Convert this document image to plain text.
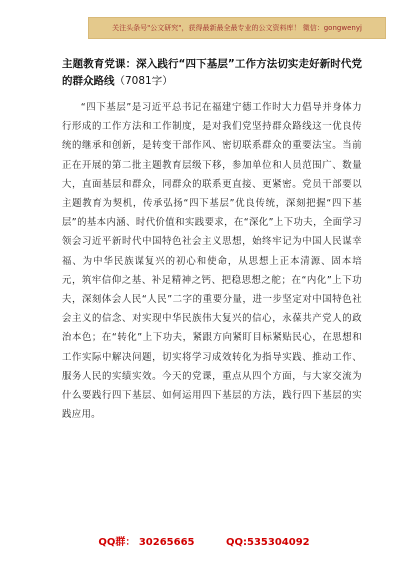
关注头条号"公文研究"，获得最新最全最专业的公文资料库！ 微信：gongwenyj

主题教育党课：深入践行“四下基层”工作方法切实走好新时代党的群众路线（7081字）

“四下基层”是习近平总书记在福建宁德工作时大力倡导并身体力行形成的工作方法和工作制度，是对我们党坚持群众路线这一优良传统的继承和创新，是转变干部作风、密切联系群众的重要法宝。当前正在开展的第二批主题教育层级下移，参加单位和人员范围广、数量大，直面基层和群众，同群众的联系更直接、更紧密。党员干部要以主题教育为契机，传承弘扬“四下基层”优良传统，深刻把握“四下基层”的基本内涵、时代价值和实践要求，在“深化”上下功夫，全面学习领会习近平新时代中国特色社会主义思想，始终牢记为中国人民谋幸福、为中华民族谋复兴的初心和使命，从思想上正本清源、固本培元，筑牢信仰之基、补足精神之钙、把稳思想之舵；在“内化”上下功夫，深刻体会人民“人民”二字的重要分量，进一步坚定对中国特色社会主义的信念、对实现中华民族伟大复兴的信心，永葆共产党人的政治本色；在“转化”上下功夫，紧跟方向紧盯目标紧贴民心，在思想和工作实际中解决问题，切实将学习成效转化为指导实践、推动工作、服务人民的实绩实效。今天的党课，重点从四个方面，与大家交流为什么要践行四下基层、如何运用四下基层的方法，践行四下基层的实践应用。

QQ群： 30265665	QQ:535304092
